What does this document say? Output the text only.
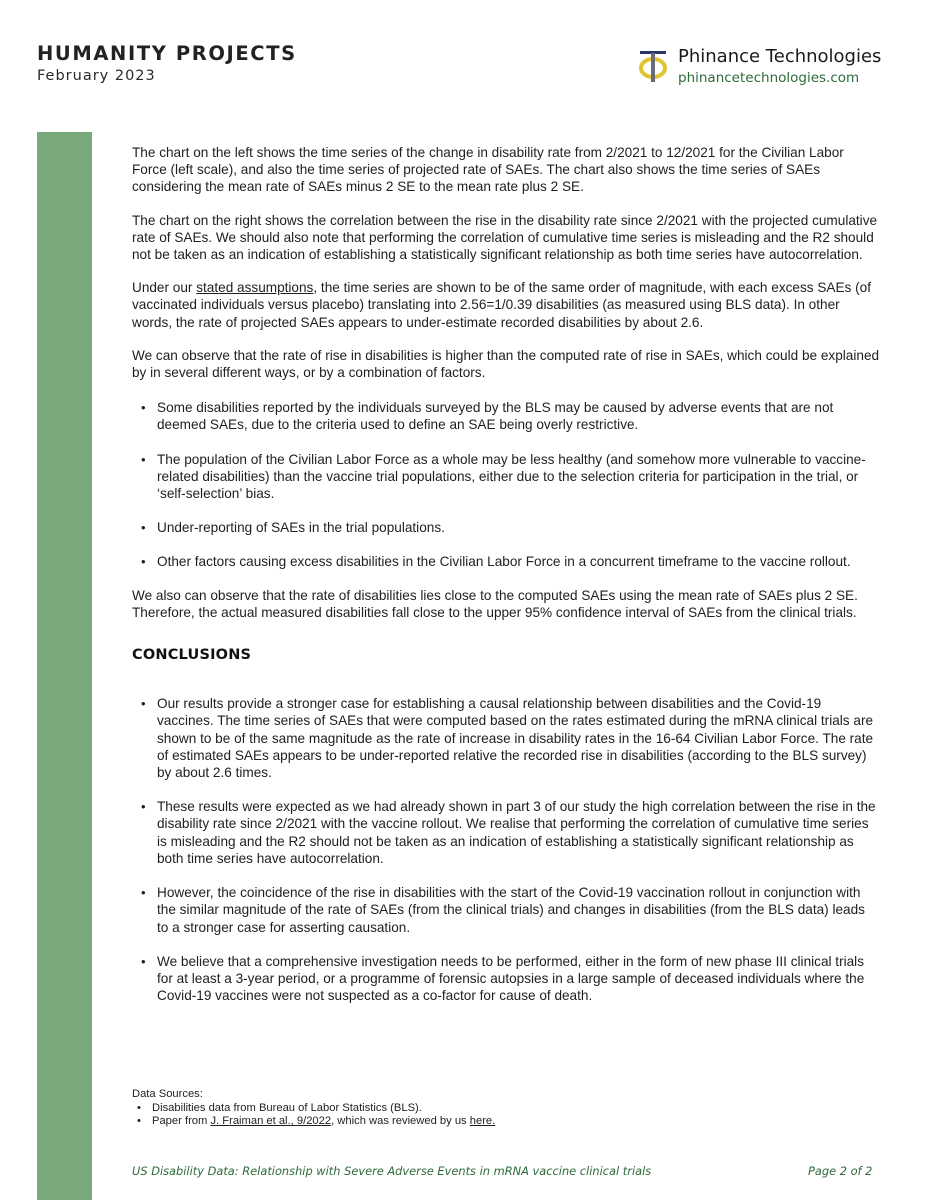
HUMANITY PROJECTS
February 2023
Phinance Technologies
phinancetechnologies.com

The chart on the left shows the time series of the change in disability rate from 2/2021 to 12/2021 for the Civilian Labor Force (left scale), and also the time series of projected rate of SAEs. The chart also shows the time series of SAEs considering the mean rate of SAEs minus 2 SE to the mean rate plus 2 SE.

The chart on the right shows the correlation between the rise in the disability rate since 2/2021 with the projected cumulative rate of SAEs. We should also note that performing the correlation of cumulative time series is misleading and the R2 should not be taken as an indication of establishing a statistically significant relationship as both time series have autocorrelation.

Under our stated assumptions, the time series are shown to be of the same order of magnitude, with each excess SAEs (of vaccinated individuals versus placebo) translating into 2.56=1/0.39 disabilities (as measured using BLS data). In other words, the rate of projected SAEs appears to under-estimate recorded disabilities by about 2.6.

We can observe that the rate of rise in disabilities is higher than the computed rate of rise in SAEs, which could be explained by in several different ways, or by a combination of factors.

• Some disabilities reported by the individuals surveyed by the BLS may be caused by adverse events that are not deemed SAEs, due to the criteria used to define an SAE being overly restrictive.
• The population of the Civilian Labor Force as a whole may be less healthy (and somehow more vulnerable to vaccine-related disabilities) than the vaccine trial populations, either due to the selection criteria for participation in the trial, or ‘self-selection’ bias.
• Under-reporting of SAEs in the trial populations.
• Other factors causing excess disabilities in the Civilian Labor Force in a concurrent timeframe to the vaccine rollout.

We also can observe that the rate of disabilities lies close to the computed SAEs using the mean rate of SAEs plus 2 SE. Therefore, the actual measured disabilities fall close to the upper 95% confidence interval of SAEs from the clinical trials.

CONCLUSIONS
• Our results provide a stronger case for establishing a causal relationship between disabilities and the Covid-19 vaccines. The time series of SAEs that were computed based on the rates estimated during the mRNA clinical trials are shown to be of the same magnitude as the rate of increase in disability rates in the 16-64 Civilian Labor Force. The rate of estimated SAEs appears to be under-reported relative the recorded rise in disabilities (according to the BLS survey) by about 2.6 times.
• These results were expected as we had already shown in part 3 of our study the high correlation between the rise in the disability rate since 2/2021 with the vaccine rollout. We realise that performing the correlation of cumulative time series is misleading and the R2 should not be taken as an indication of establishing a statistically significant relationship as both time series have autocorrelation.
• However, the coincidence of the rise in disabilities with the start of the Covid-19 vaccination rollout in conjunction with the similar magnitude of the rate of SAEs (from the clinical trials) and changes in disabilities (from the BLS data) leads to a stronger case for asserting causation.
• We believe that a comprehensive investigation needs to be performed, either in the form of new phase III clinical trials for at least a 3-year period, or a programme of forensic autopsies in a large sample of deceased individuals where the Covid-19 vaccines were not suspected as a co-factor for cause of death.
Data Sources:
• Disabilities data from Bureau of Labor Statistics (BLS).
• Paper from J. Fraiman et al., 9/2022, which was reviewed by us here.
US Disability Data: Relationship with Severe Adverse Events in mRNA vaccine clinical trials	Page 2 of 2
